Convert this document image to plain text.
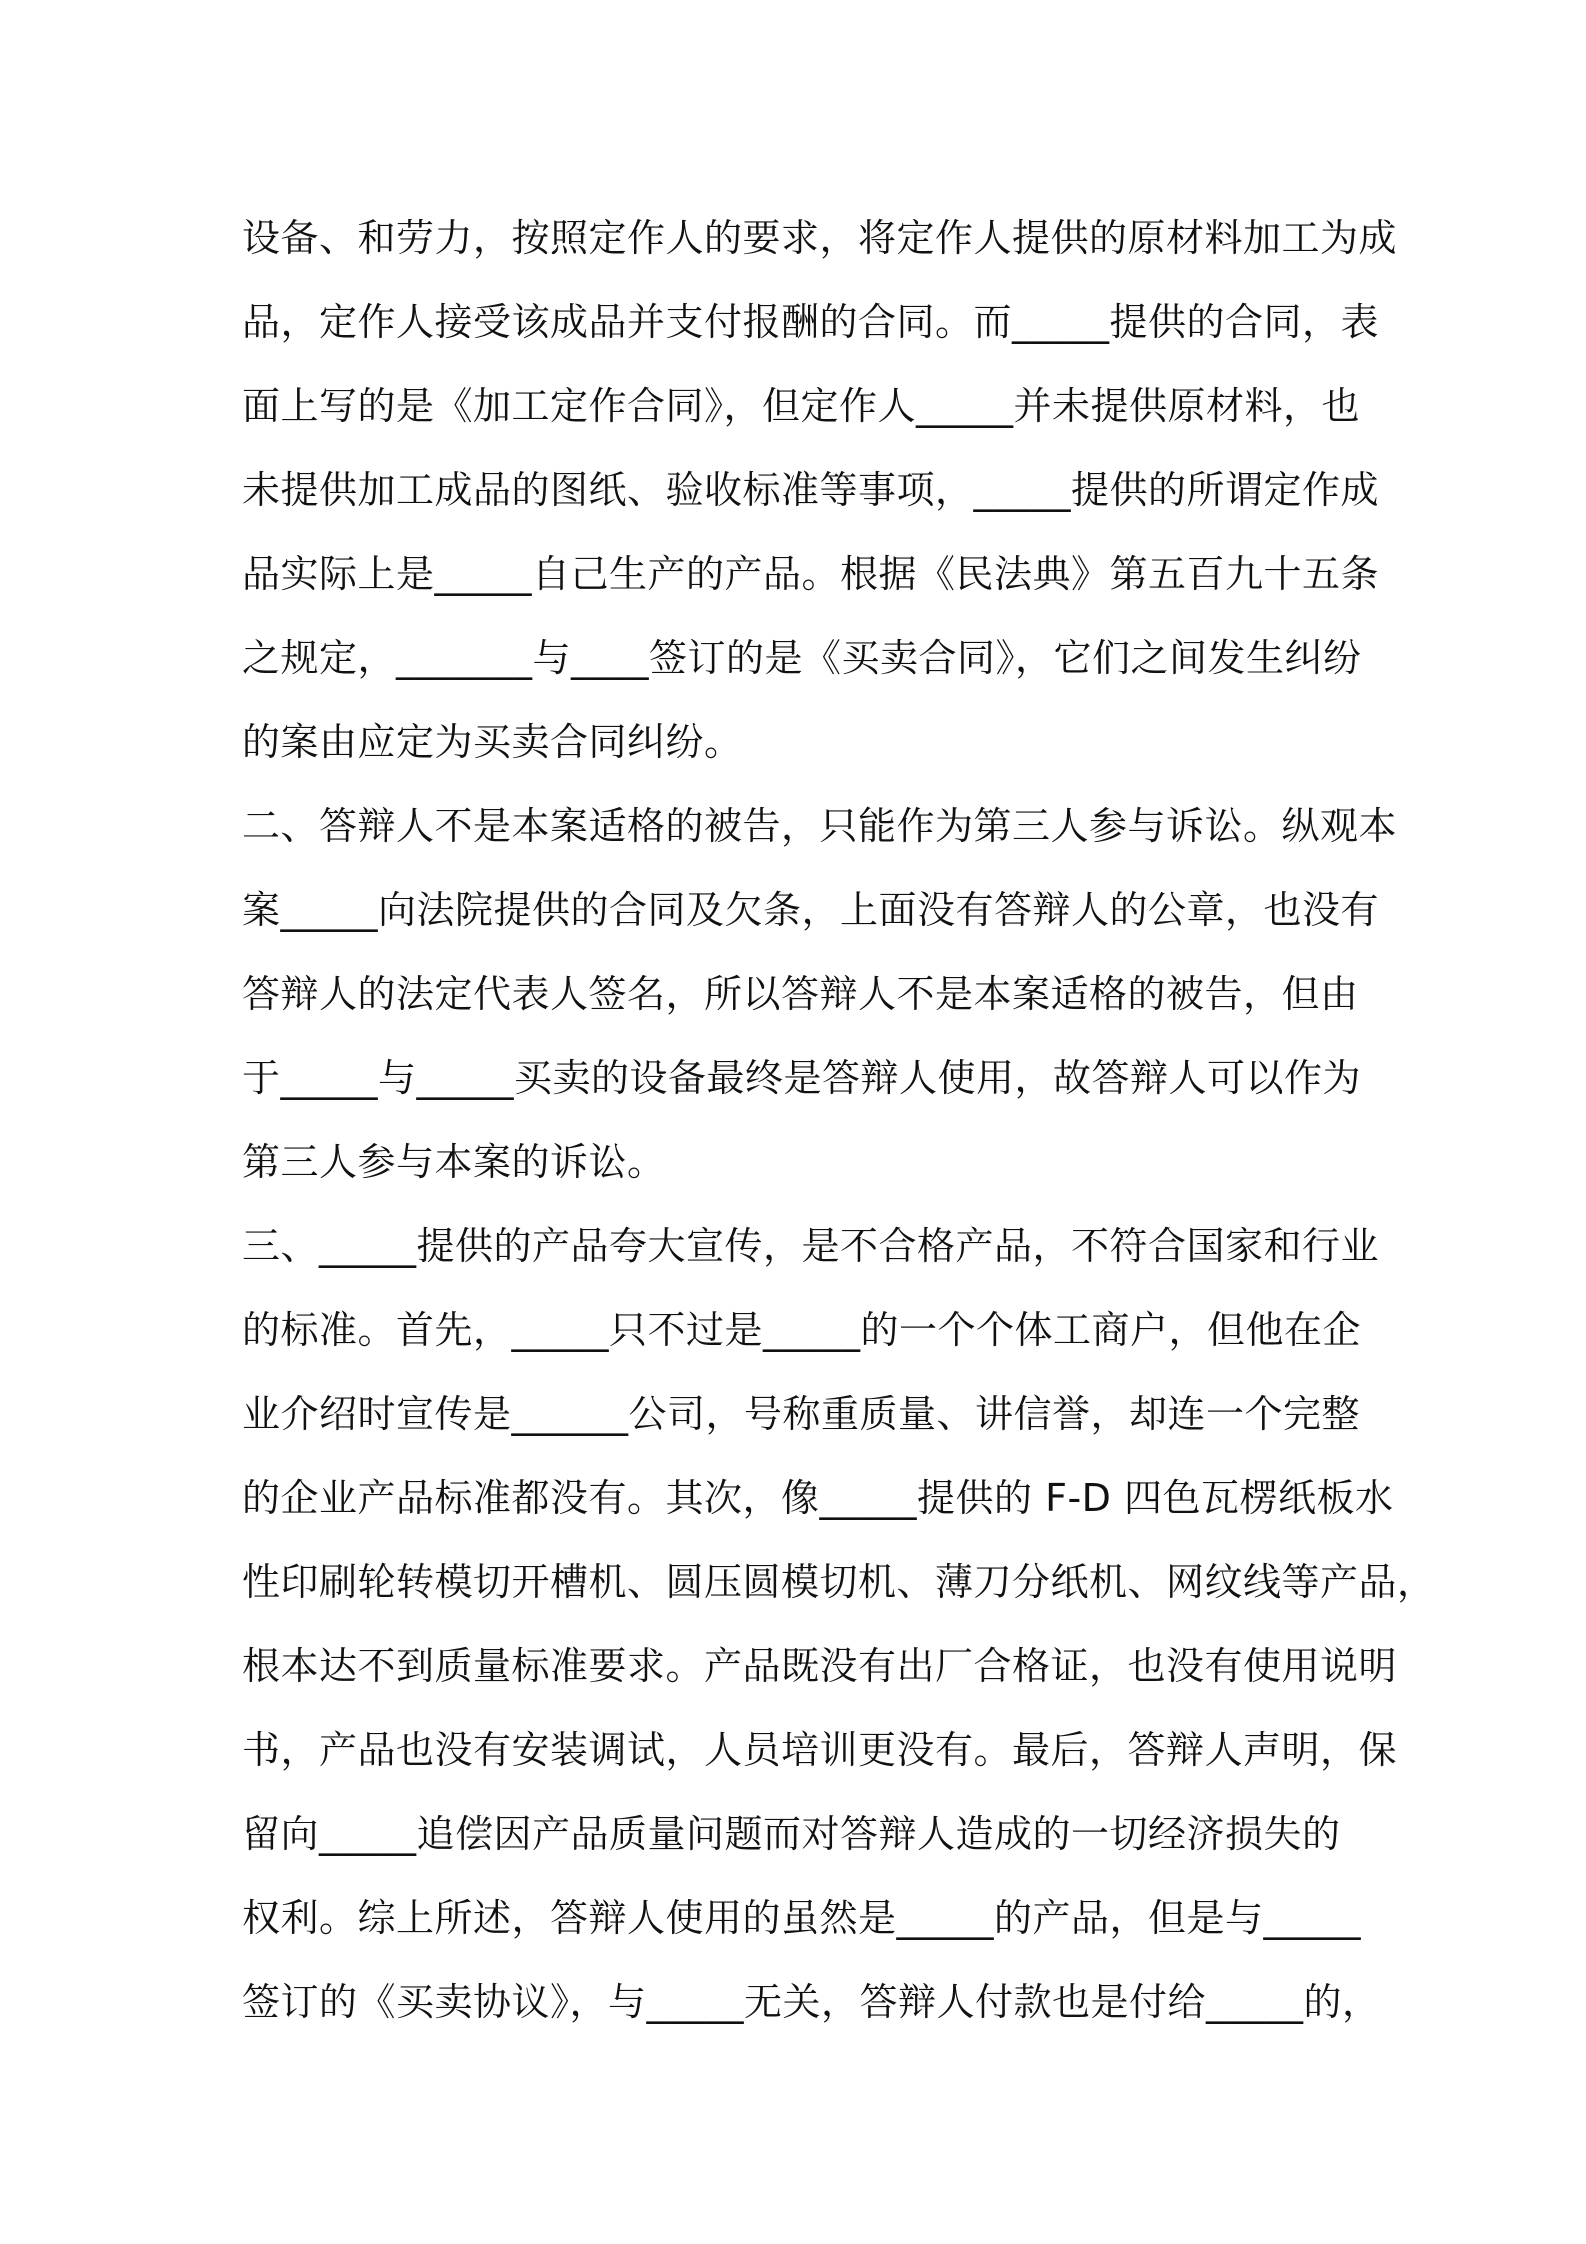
设备、和劳力，按照定作人的要求，将定作人提供的原材料加工为成
品，定作人接受该成品并支付报酬的合同。而_____提供的合同，表
面上写的是《加工定作合同》，但定作人_____并未提供原材料，也
未提供加工成品的图纸、验收标准等事项，_____提供的所谓定作成
品实际上是_____自己生产的产品。根据《民法典》第五百九十五条
之规定，_______与____签订的是《买卖合同》，它们之间发生纠纷
的案由应定为买卖合同纠纷。
二、答辩人不是本案适格的被告，只能作为第三人参与诉讼。纵观本
案_____向法院提供的合同及欠条，上面没有答辩人的公章，也没有
答辩人的法定代表人签名，所以答辩人不是本案适格的被告，但由
于_____与_____买卖的设备最终是答辩人使用，故答辩人可以作为
第三人参与本案的诉讼。
三、_____提供的产品夸大宣传，是不合格产品，不符合国家和行业
的标准。首先，_____只不过是_____的一个个体工商户，但他在企
业介绍时宣传是______公司，号称重质量、讲信誉，却连一个完整
的企业产品标准都没有。其次，像_____提供的 F-D 四色瓦楞纸板水
性印刷轮转模切开槽机、圆压圆模切机、薄刀分纸机、网纹线等产品，
根本达不到质量标准要求。产品既没有出厂合格证，也没有使用说明
书，产品也没有安装调试，人员培训更没有。最后，答辩人声明，保
留向_____追偿因产品质量问题而对答辩人造成的一切经济损失的
权利。综上所述，答辩人使用的虽然是_____的产品，但是与_____
签订的《买卖协议》，与_____无关，答辩人付款也是付给_____的，
